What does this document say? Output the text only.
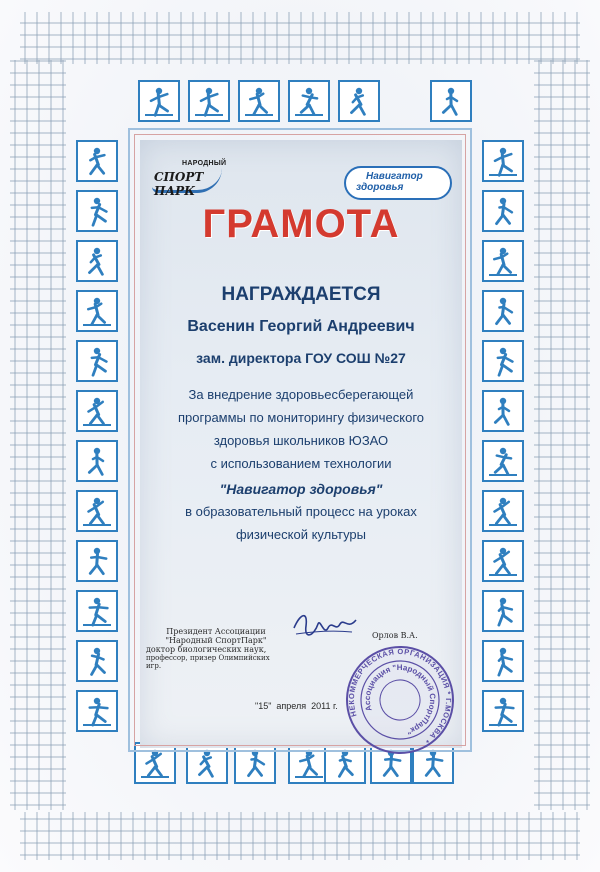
НАРОДНЫЙ
СПОРТ ПАРК
Навигатор
здоровья
ГРАМОТА
НАГРАЖДАЕТСЯ
Васенин Георгий Андреевич
зам. директора ГОУ СОШ №27
За внедрение здоровьесберегающей
программы по мониторингу физического
здоровья школьников ЮЗАО
с использованием технологии
"Навигатор здоровья"
в образовательный процесс на уроках
физической культуры
Президент Ассоциации
"Народный СпортПарк"
доктор биологических наук,
профессор, призер Олимпийских игр.
Орлов В.А.
"15"  апреля 2011 г.
НЕКОММЕРЧЕСКАЯ ОРГАНИЗАЦИЯ * Г.МОСКВА *
Ассоциация "Народный СпортПарк"
